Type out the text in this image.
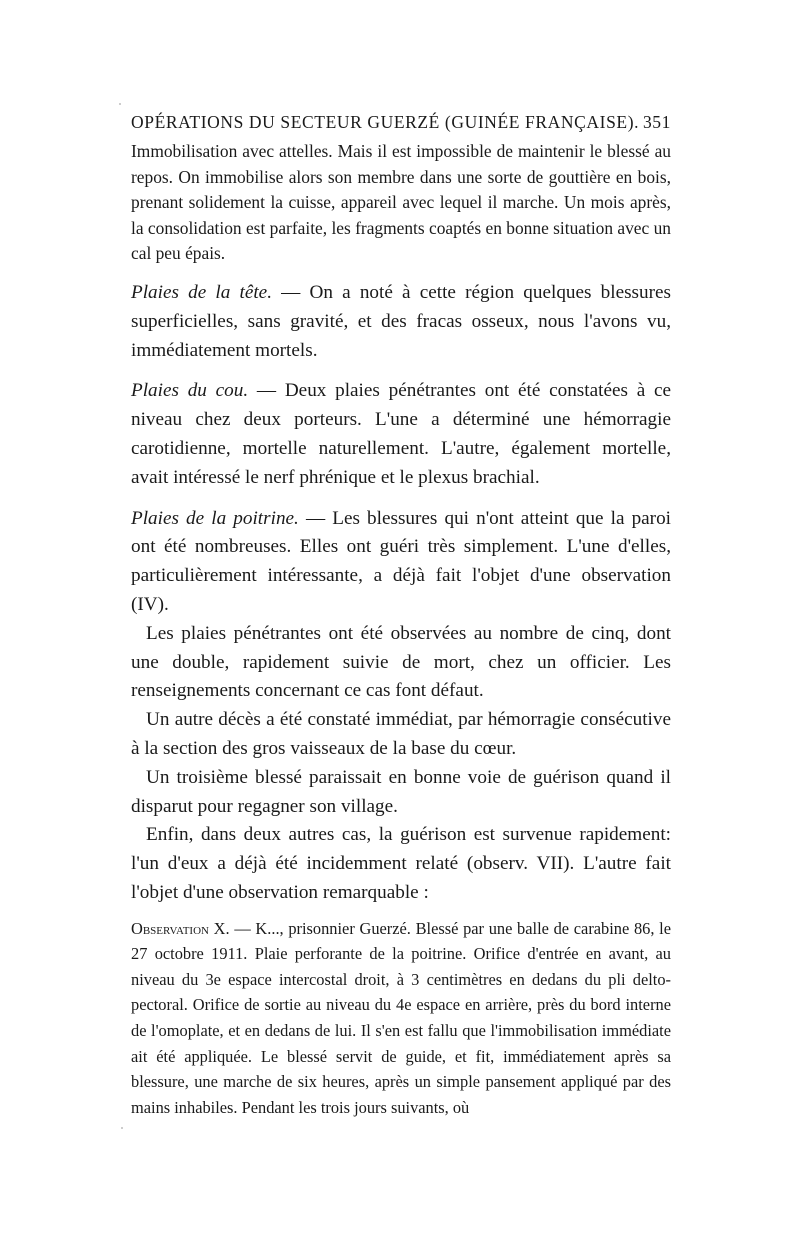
OPÉRATIONS DU SECTEUR GUERZÉ (GUINÉE FRANÇAISE). 351

Immobilisation avec attelles. Mais il est impossible de maintenir le blessé au repos. On immobilise alors son membre dans une sorte de gouttière en bois, prenant solidement la cuisse, appareil avec lequel il marche. Un mois après, la consolidation est parfaite, les fragments coaptés en bonne situation avec un cal peu épais.

Plaies de la tête. — On a noté à cette région quelques blessures superficielles, sans gravité, et des fracas osseux, nous l'avons vu, immédiatement mortels.

Plaies du cou. — Deux plaies pénétrantes ont été constatées à ce niveau chez deux porteurs. L'une a déterminé une hémorragie carotidienne, mortelle naturellement. L'autre, également mortelle, avait intéressé le nerf phrénique et le plexus brachial.

Plaies de la poitrine. — Les blessures qui n'ont atteint que la paroi ont été nombreuses. Elles ont guéri très simplement. L'une d'elles, particulièrement intéressante, a déjà fait l'objet d'une observation (IV).

Les plaies pénétrantes ont été observées au nombre de cinq, dont une double, rapidement suivie de mort, chez un officier. Les renseignements concernant ce cas font défaut.

Un autre décès a été constaté immédiat, par hémorragie consécutive à la section des gros vaisseaux de la base du cœur.

Un troisième blessé paraissait en bonne voie de guérison quand il disparut pour regagner son village.

Enfin, dans deux autres cas, la guérison est survenue rapidement: l'un d'eux a déjà été incidemment relaté (observ. VII). L'autre fait l'objet d'une observation remarquable :

Observation X. — K..., prisonnier Guerzé. Blessé par une balle de carabine 86, le 27 octobre 1911. Plaie perforante de la poitrine. Orifice d'entrée en avant, au niveau du 3e espace intercostal droit, à 3 centimètres en dedans du pli delto-pectoral. Orifice de sortie au niveau du 4e espace en arrière, près du bord interne de l'omoplate, et en dedans de lui. Il s'en est fallu que l'immobilisation immédiate ait été appliquée. Le blessé servit de guide, et fit, immédiatement après sa blessure, une marche de six heures, après un simple pansement appliqué par des mains inhabiles. Pendant les trois jours suivants, où
